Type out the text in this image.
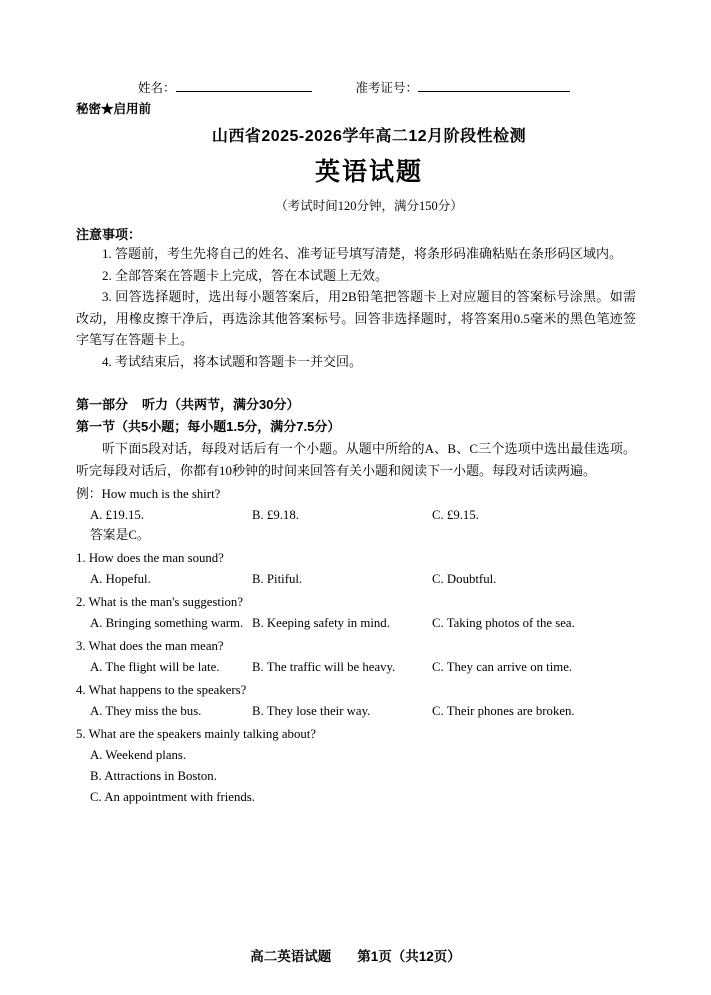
姓名：	准考证号：
秘密★启用前
山西省2025-2026学年高二12月阶段性检测
英语试题
（考试时间120分钟，满分150分）
注意事项：

1. 答题前，考生先将自己的姓名、准考证号填写清楚，将条形码准确粘贴在条形码区域内。

2. 全部答案在答题卡上完成，答在本试题上无效。

3. 回答选择题时，选出每小题答案后，用2B铅笔把答题卡上对应题目的答案标号涂黑。如需改动，用橡皮擦干净后，再选涂其他答案标号。回答非选择题时，将答案用0.5毫米的黑色笔迹签字笔写在答题卡上。

4. 考试结束后，将本试题和答题卡一并交回。

第一部分 听力（共两节，满分30分）
第一节（共5小题；每小题1.5分，满分7.5分）

听下面5段对话，每段对话后有一个小题。从题中所给的A、B、C三个选项中选出最佳选项。听完每段对话后，你都有10秒钟的时间来回答有关小题和阅读下一小题。每段对话读两遍。

例：How much is the shirt?
A. £19.15.	B. £9.18.	C. £9.15.
答案是C。
1. How does the man sound?
A. Hopeful.	B. Pitiful.	C. Doubtful.
2. What is the man's suggestion?
A. Bringing something warm. B. Keeping safety in mind.	C. Taking photos of the sea.
3. What does the man mean?
A. The flight will be late.	B. The traffic will be heavy.	C. They can arrive on time.
4. What happens to the speakers?
A. They miss the bus.	B. They lose their way.	C. Their phones are broken.
5. What are the speakers mainly talking about?
A. Weekend plans.
B. Attractions in Boston.
C. An appointment with friends.
高二英语试题 第1页（共12页）
